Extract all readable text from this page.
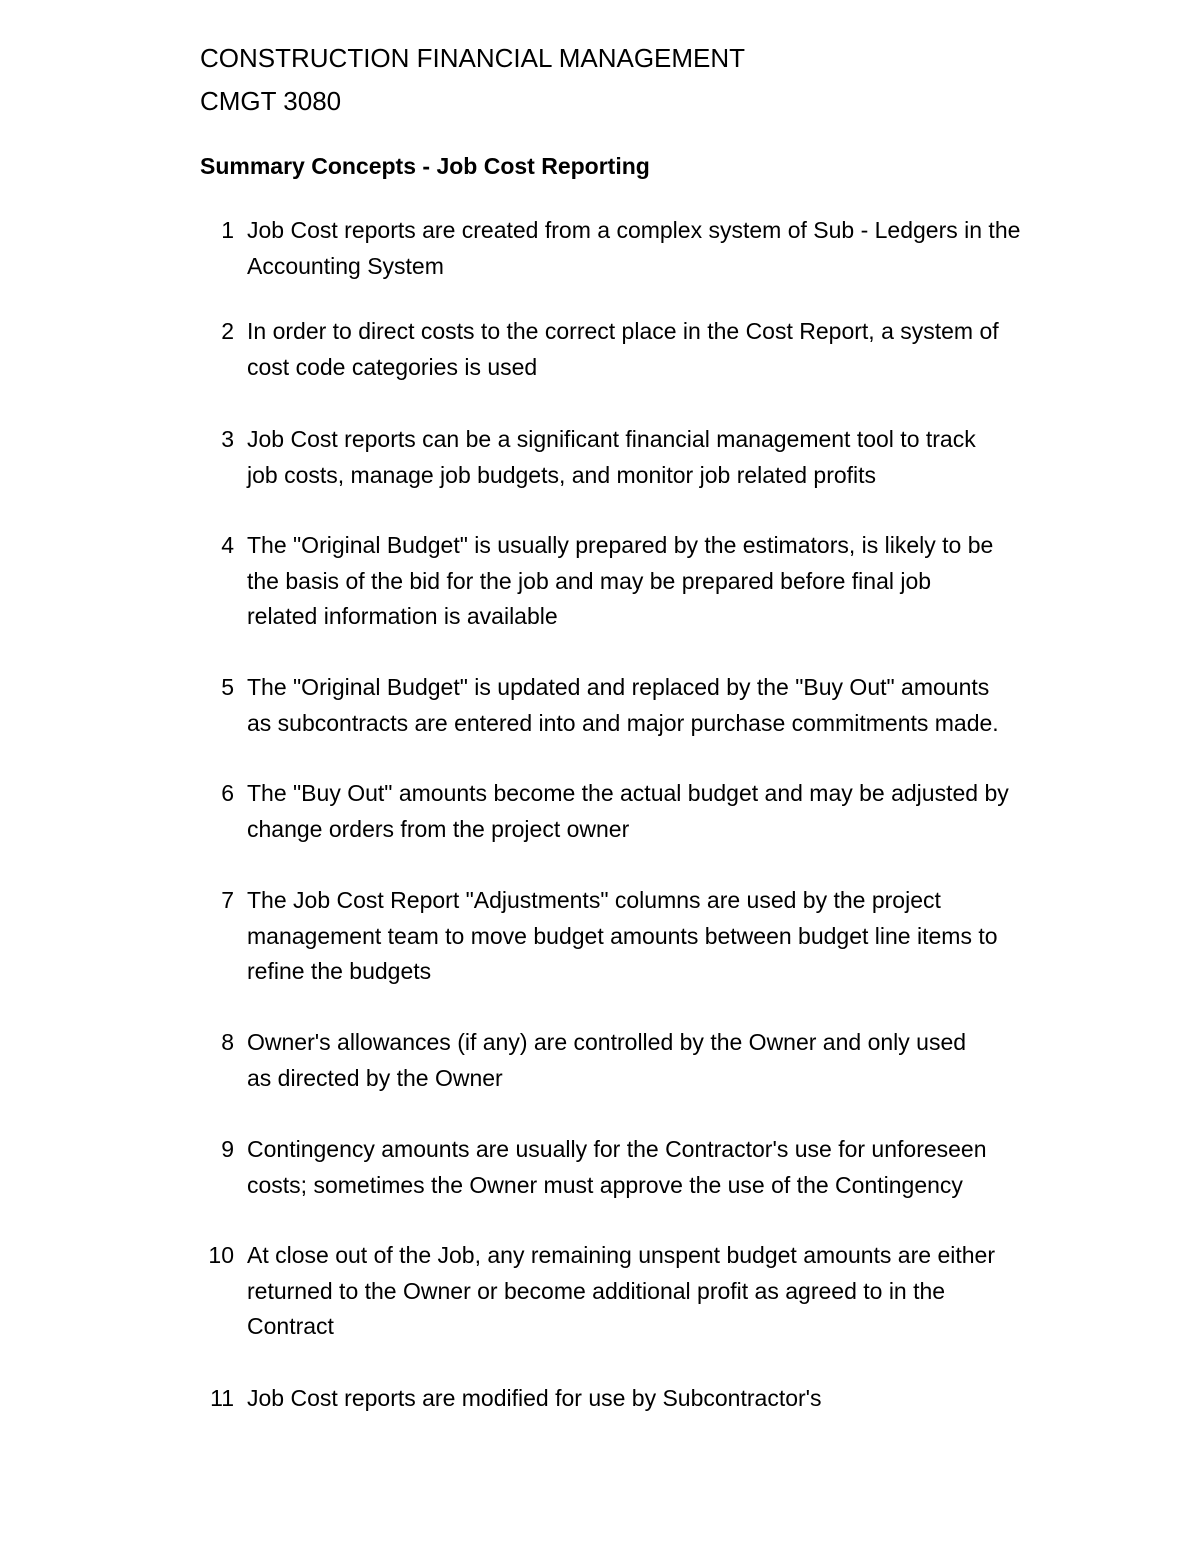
CONSTRUCTION FINANCIAL MANAGEMENT
CMGT 3080
Summary Concepts - Job Cost Reporting
1 Job Cost reports are created from a complex system of Sub - Ledgers in the
Accounting System
2 In order to direct costs to the correct place in the Cost Report, a system of
cost code categories is used
3 Job Cost reports can be a significant financial management tool to track
job costs, manage job budgets, and monitor job related profits
4 The "Original Budget" is usually prepared by the estimators, is likely to be
the basis of the bid for the job and may be prepared before final job
related information is available
5 The "Original Budget" is updated and replaced by the "Buy Out" amounts
as subcontracts are entered into and major purchase commitments made.
6 The "Buy Out" amounts become the actual budget and may be adjusted by
change orders from the project owner
7 The Job Cost Report "Adjustments" columns are used by the project
management team to move budget amounts between budget line items to
refine the budgets
8 Owner's allowances (if any) are controlled by the Owner and only used
as directed by the Owner
9 Contingency amounts are usually for the Contractor's use for unforeseen
costs; sometimes the Owner must approve the use of the Contingency
10 At close out of the Job, any remaining unspent budget amounts are either
returned to the Owner or become additional profit as agreed to in the
Contract
11 Job Cost reports are modified for use by Subcontractor's
